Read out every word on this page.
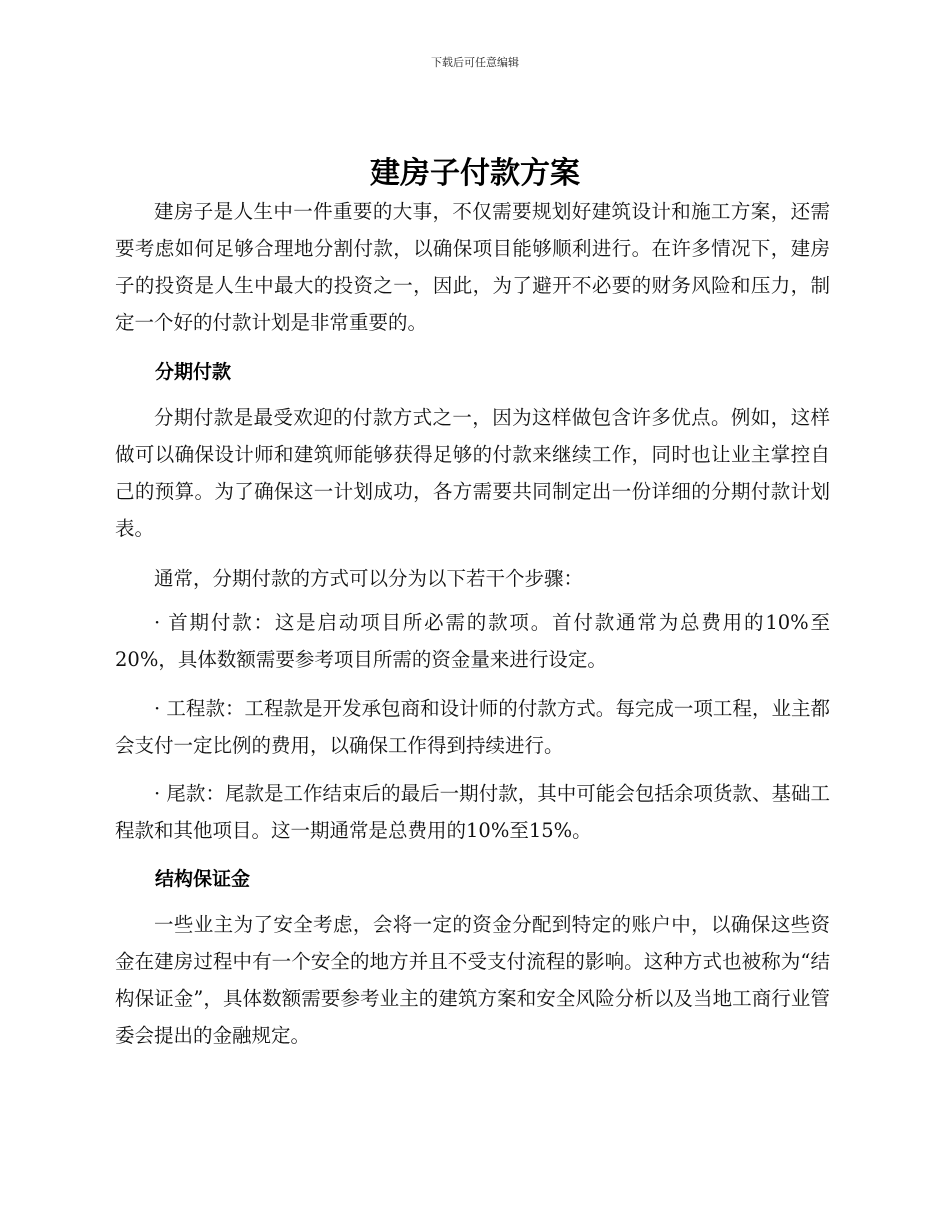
下载后可任意编辑
建房子付款方案

建房子是人生中一件重要的大事，不仅需要规划好建筑设计和施工方案，还需要考虑如何足够合理地分割付款，以确保项目能够顺利进行。在许多情况下，建房子的投资是人生中最大的投资之一，因此，为了避开不必要的财务风险和压力，制定一个好的付款计划是非常重要的。

分期付款

分期付款是最受欢迎的付款方式之一，因为这样做包含许多优点。例如，这样做可以确保设计师和建筑师能够获得足够的付款来继续工作，同时也让业主掌控自己的预算。为了确保这一计划成功，各方需要共同制定出一份详细的分期付款计划表。

通常，分期付款的方式可以分为以下若干个步骤：

· 首期付款：这是启动项目所必需的款项。首付款通常为总费用的10%至20%，具体数额需要参考项目所需的资金量来进行设定。

· 工程款：工程款是开发承包商和设计师的付款方式。每完成一项工程，业主都会支付一定比例的费用，以确保工作得到持续进行。

· 尾款：尾款是工作结束后的最后一期付款，其中可能会包括余项货款、基础工程款和其他项目。这一期通常是总费用的10%至15%。

结构保证金

一些业主为了安全考虑，会将一定的资金分配到特定的账户中，以确保这些资金在建房过程中有一个安全的地方并且不受支付流程的影响。这种方式也被称为“结构保证金”，具体数额需要参考业主的建筑方案和安全风险分析以及当地工商行业管委会提出的金融规定。
